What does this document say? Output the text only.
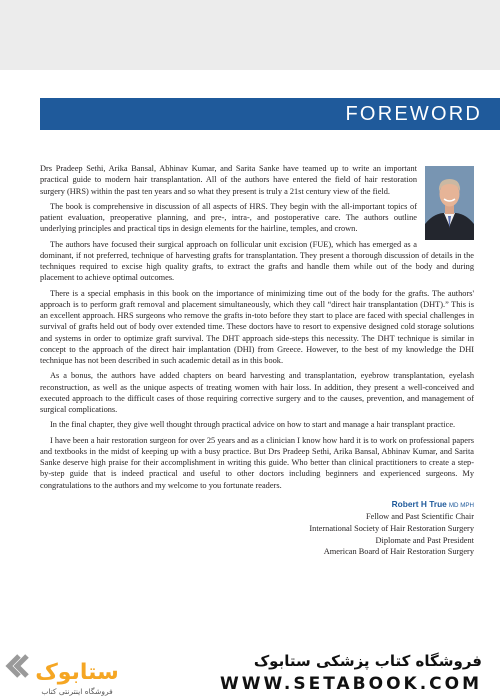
FOREWORD

Drs Pradeep Sethi, Arika Bansal, Abhinav Kumar, and Sarita Sanke have teamed up to write an important practical guide to modern hair transplantation. All of the authors have entered the field of hair restoration surgery (HRS) within the past ten years and so what they present is truly a 21st century view of the field.

The book is comprehensive in discussion of all aspects of HRS. They begin with the all-important topics of patient evaluation, preoperative planning, and pre-, intra-, and postoperative care. The authors outline underlying principles and practical tips in design elements for the hairline, temples, and crown.

The authors have focused their surgical approach on follicular unit excision (FUE), which has emerged as a dominant, if not preferred, technique of harvesting grafts for transplantation. They present a thorough discussion of details in the techniques required to excise high quality grafts, to extract the grafts and handle them while out of the body and during placement to achieve optimal outcomes.

There is a special emphasis in this book on the importance of minimizing time out of the body for the grafts. The authors' approach is to perform graft removal and placement simultaneously, which they call “direct hair transplantation (DHT).” This is an excellent approach. HRS surgeons who remove the grafts in-toto before they start to place are faced with special challenges in survival of grafts held out of body over extended time. These doctors have to resort to expensive designed cold storage solutions and systems in order to optimize graft survival. The DHT approach side-steps this necessity. The DHT technique is similar in concept to the approach of the direct hair implantation (DHI) from Greece. However, to the best of my knowledge the DHI technique has not been described in such academic detail as in this book.

As a bonus, the authors have added chapters on beard harvesting and transplantation, eyebrow transplantation, eyelash reconstruction, as well as the unique aspects of treating women with hair loss. In addition, they present a well-conceived and executed approach to the difficult cases of those requiring corrective surgery and to the causes, prevention, and management of surgical complications.

In the final chapter, they give well thought through practical advice on how to start and manage a hair transplant practice.

I have been a hair restoration surgeon for over 25 years and as a clinician I know how hard it is to work on professional papers and textbooks in the midst of keeping up with a busy practice. But Drs Pradeep Sethi, Arika Bansal, Abhinav Kumar, and Sarita Sanke deserve high praise for their accomplishment in writing this guide. Who better than clinical practitioners to create a step-by-step guide that is indeed practical and useful to other doctors including beginners and experienced surgeons. My congratulations to the authors and my welcome to you fortunate readers.

Robert H True MD MPH
Fellow and Past Scientific Chair
International Society of Hair Restoration Surgery
Diplomate and Past President
American Board of Hair Restoration Surgery
ستابوک
فروشگاه اینترنتی کتاب
فروشگاه کتاب پزشکی ستابوک
WWW.SETABOOK.COM
